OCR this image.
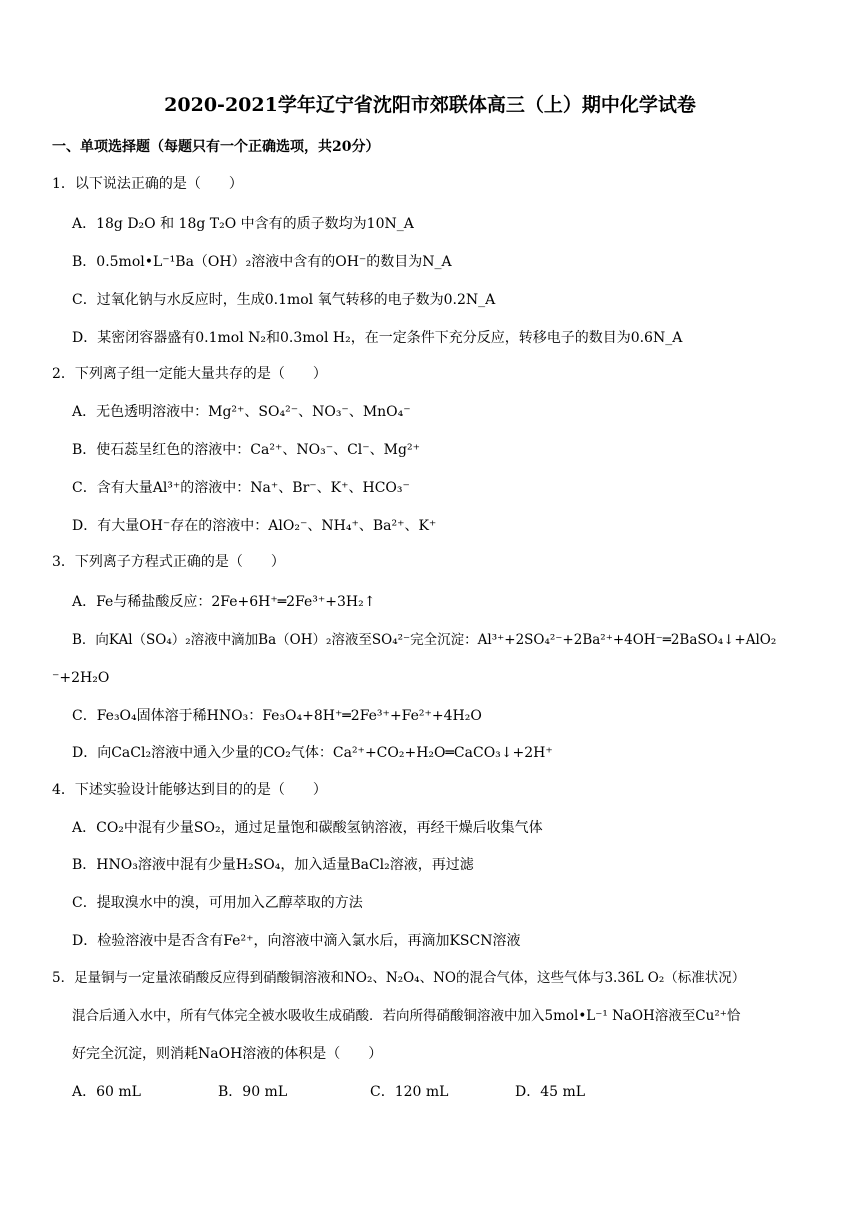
2020-2021学年辽宁省沈阳市郊联体高三（上）期中化学试卷
一、单项选择题（每题只有一个正确选项，共20分）
1．以下说法正确的是（　　）
A．18g D₂O 和 18g T₂O 中含有的质子数均为10N_A
B．0.5mol•L⁻¹Ba（OH）₂溶液中含有的OH⁻的数目为N_A
C．过氧化钠与水反应时，生成0.1mol 氧气转移的电子数为0.2N_A
D．某密闭容器盛有0.1mol N₂和0.3mol H₂，在一定条件下充分反应，转移电子的数目为0.6N_A
2．下列离子组一定能大量共存的是（　　）
A．无色透明溶液中：Mg²⁺、SO₄²⁻、NO₃⁻、MnO₄⁻
B．使石蕊呈红色的溶液中：Ca²⁺、NO₃⁻、Cl⁻、Mg²⁺
C．含有大量Al³⁺的溶液中：Na⁺、Br⁻、K⁺、HCO₃⁻
D．有大量OH⁻存在的溶液中：AlO₂⁻、NH₄⁺、Ba²⁺、K⁺
3．下列离子方程式正确的是（　　）
A．Fe与稀盐酸反应：2Fe+6H⁺═2Fe³⁺+3H₂↑
B．向KAl（SO₄）₂溶液中滴加Ba（OH）₂溶液至SO₄²⁻完全沉淀：Al³⁺+2SO₄²⁻+2Ba²⁺+4OH⁻═2BaSO₄↓+AlO₂
⁻+2H₂O
C．Fe₃O₄固体溶于稀HNO₃：Fe₃O₄+8H⁺═2Fe³⁺+Fe²⁺+4H₂O
D．向CaCl₂溶液中通入少量的CO₂气体：Ca²⁺+CO₂+H₂O═CaCO₃↓+2H⁺
4．下述实验设计能够达到目的的是（　　）
A．CO₂中混有少量SO₂，通过足量饱和碳酸氢钠溶液，再经干燥后收集气体
B．HNO₃溶液中混有少量H₂SO₄，加入适量BaCl₂溶液，再过滤
C．提取溴水中的溴，可用加入乙醇萃取的方法
D．检验溶液中是否含有Fe²⁺，向溶液中滴入氯水后，再滴加KSCN溶液
5．足量铜与一定量浓硝酸反应得到硝酸铜溶液和NO₂、N₂O₄、NO的混合气体，这些气体与3.36L O₂（标准状况）
混合后通入水中，所有气体完全被水吸收生成硝酸．若向所得硝酸铜溶液中加入5mol•L⁻¹ NaOH溶液至Cu²⁺恰
好完全沉淀，则消耗NaOH溶液的体积是（　　）
A．60 mL	B．90 mL	C．120 mL	D．45 mL
